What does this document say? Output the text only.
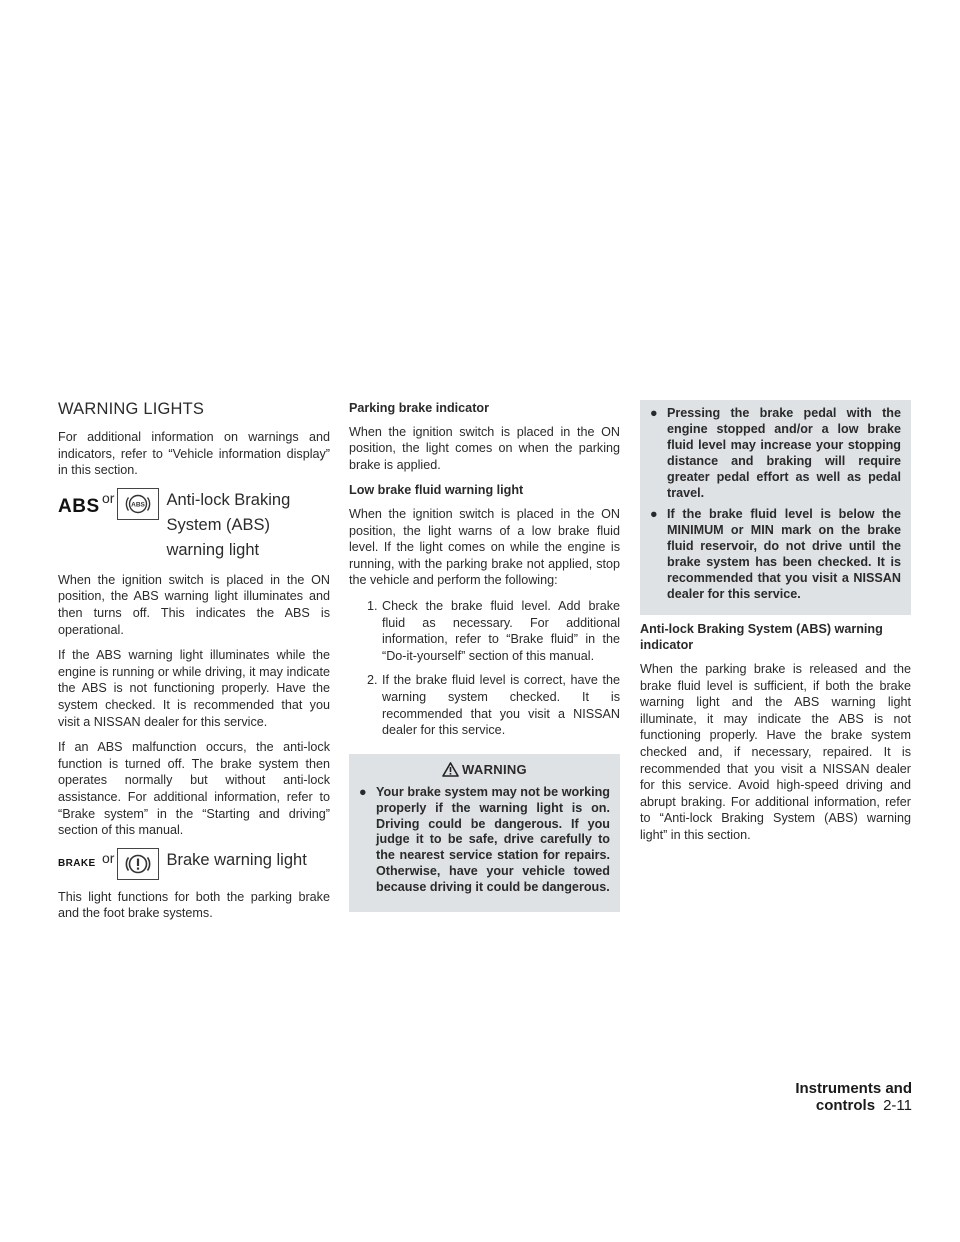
WARNING LIGHTS

For additional information on warnings and indicators, refer to “Vehicle information display” in this section.

ABS or	ABS Anti-lock Braking
System (ABS)
warning light

When the ignition switch is placed in the ON position, the ABS warning light illuminates and then turns off. This indicates the ABS is operational.

If the ABS warning light illuminates while the engine is running or while driving, it may indicate the ABS is not functioning properly. Have the system checked. It is recommended that you visit a NISSAN dealer for this service.

If an ABS malfunction occurs, the anti-lock function is turned off. The brake system then operates normally but without anti-lock assistance. For additional information, refer to “Brake system” in the “Starting and driving” section of this manual.

BRAKE or	Brake warning light

This light functions for both the parking brake and the foot brake systems.

Parking brake indicator

When the ignition switch is placed in the ON position, the light comes on when the parking brake is applied.

Low brake fluid warning light

When the ignition switch is placed in the ON position, the light warns of a low brake fluid level. If the light comes on while the engine is running, with the parking brake not applied, stop the vehicle and perform the following:

1. Check the brake fluid level. Add brake fluid as necessary. For additional information, refer to “Brake fluid” in the “Do-it-yourself” section of this manual.
2. If the brake fluid level is correct, have the warning system checked. It is recommended that you visit a NISSAN dealer for this service.
WARNING
● Your brake system may not be working properly if the warning light is on. Driving could be dangerous. If you judge it to be safe, drive carefully to the nearest service station for repairs. Otherwise, have your vehicle towed because driving it could be dangerous.
● Pressing the brake pedal with the engine stopped and/or a low brake fluid level may increase your stopping distance and braking will require greater pedal effort as well as pedal travel.
● If the brake fluid level is below the MINIMUM or MIN mark on the brake fluid reservoir, do not drive until the brake system has been checked. It is recommended that you visit a NISSAN dealer for this service.
Anti-lock Braking System (ABS) warning indicator

When the parking brake is released and the brake fluid level is sufficient, if both the brake warning light and the ABS warning light illuminate, it may indicate the ABS is not functioning properly. Have the brake system checked and, if necessary, repaired. It is recommended that you visit a NISSAN dealer for this service. Avoid high-speed driving and abrupt braking. For additional information, refer to “Anti-lock Braking System (ABS) warning light” in this section.

Instruments and controls 2-11
